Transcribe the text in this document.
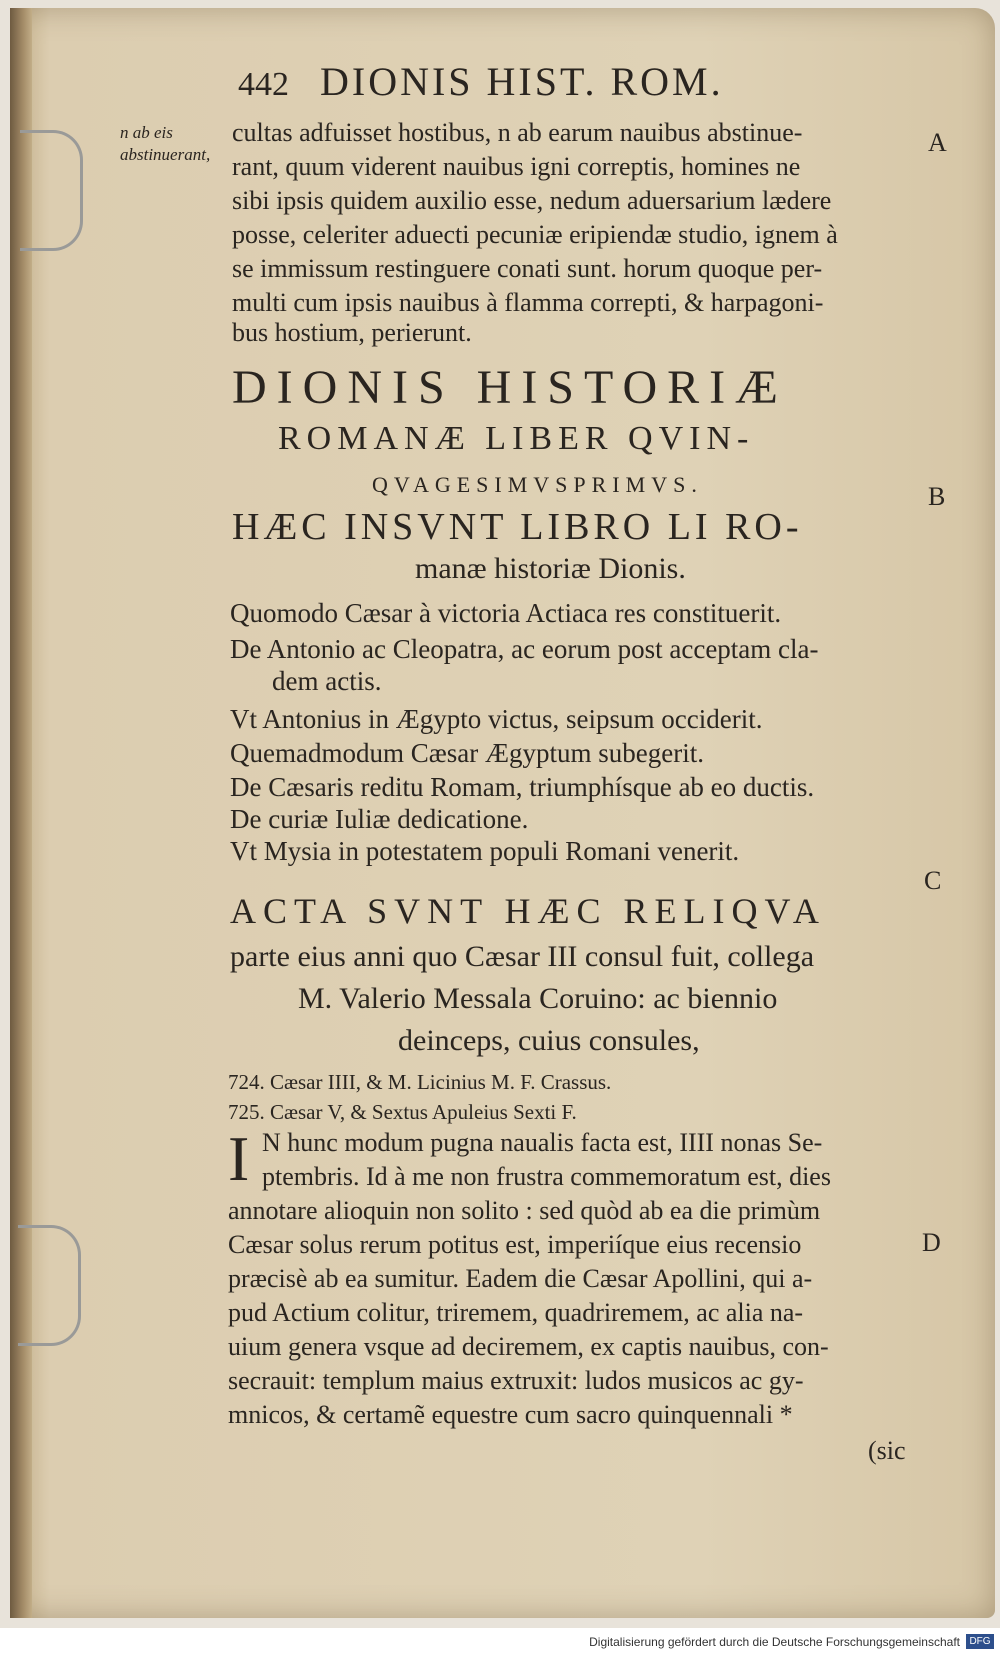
442 DIONIS HIST. ROM.
n ab eis abstinuerant,	A
B
C
D
cultas adfuisset hostibus, n ab earum nauibus abstinue-
rant, quum viderent nauibus igni correptis, homines ne
sibi ipsis quidem auxilio esse, nedum aduersarium lædere
posse, celeriter aduecti pecuniæ eripiendæ studio, ignem à
se immissum restinguere conati sunt. horum quoque per-
multi cum ipsis nauibus à flamma correpti, & harpagoni-
bus hostium, perierunt.
DIONIS HISTORIÆ
ROMANÆ LIBER QVIN-
QVAGESIMVSPRIMVS.
HÆC INSVNT LIBRO LI RO-
manæ historiæ Dionis.
Quomodo Cæsar à victoria Actiaca res constituerit.
De Antonio ac Cleopatra, ac eorum post acceptam cla-
dem actis.
Vt Antonius in Ægypto victus, seipsum occiderit.
Quemadmodum Cæsar Ægyptum subegerit.
De Cæsaris reditu Romam, triumphísque ab eo ductis.
De curiæ Iuliæ dedicatione.
Vt Mysia in potestatem populi Romani venerit.
ACTA SVNT HÆC RELIQVA
parte eius anni quo Cæsar III consul fuit, collega
M. Valerio Messala Coruino: ac biennio
deinceps, cuius consules,
724. Cæsar IIII, & M. Licinius M. F. Crassus.
725. Cæsar V, & Sextus Apuleius Sexti F.
I N hunc modum pugna naualis facta est, IIII nonas Se-
ptembris. Id à me non frustra commemoratum est, dies
annotare alioquin non solito : sed quòd ab ea die primùm
Cæsar solus rerum potitus est, imperiíque eius recensio
præcisè ab ea sumitur. Eadem die Cæsar Apollini, qui a-
pud Actium colitur, triremem, quadriremem, ac alia na-
uium genera vsque ad deciremem, ex captis nauibus, con-
secrauit: templum maius extruxit: ludos musicos ac gy-
mnicos, & certamẽ equestre cum sacro quinquennali *
(sic
Digitalisierung gefördert durch die Deutsche Forschungsgemeinschaft DFG
